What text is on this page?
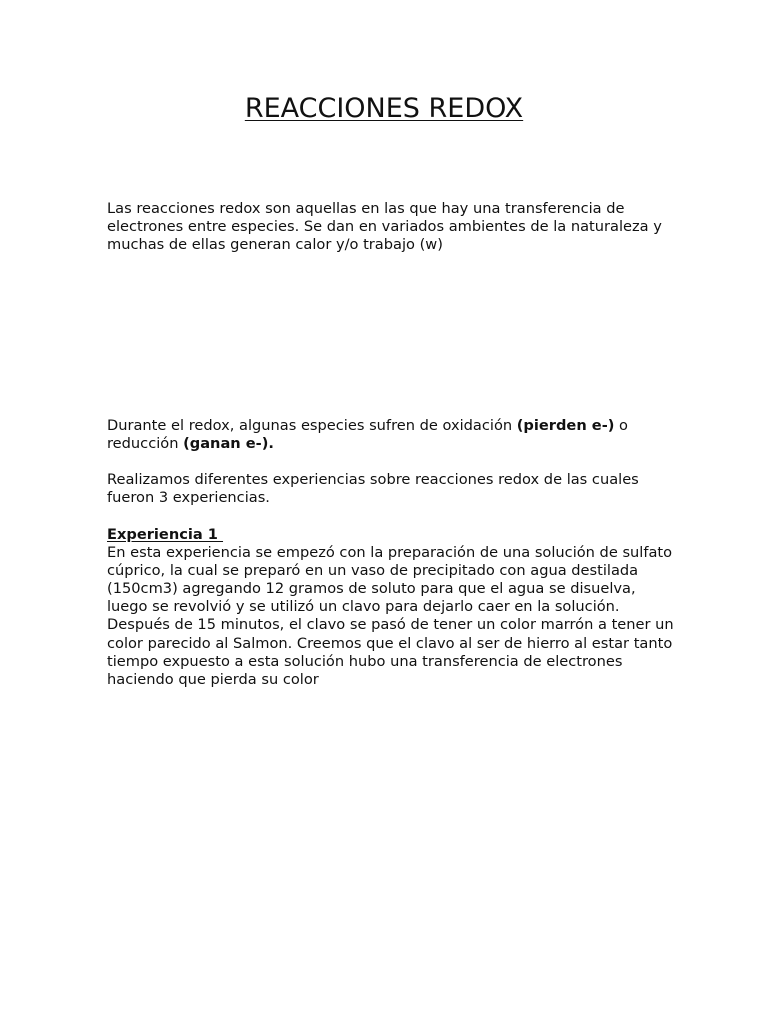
REACCIONES REDOX

Las reacciones redox son aquellas en las que hay una transferencia de electrones entre especies. Se dan en variados ambientes de la naturaleza y muchas de ellas generan calor y/o trabajo (w)

Durante el redox, algunas especies sufren de oxidación (pierden e-) o reducción (ganan e-).

Realizamos diferentes experiencias sobre reacciones redox de las cuales fueron 3 experiencias.

Experiencia 1
En esta experiencia se empezó con la preparación de una solución de sulfato cúprico, la cual se preparó en un vaso de precipitado con agua destilada (150cm3) agregando 12 gramos de soluto para que el agua se disuelva, luego se revolvió y se utilizó un clavo para dejarlo caer en la solución.
Después de 15 minutos, el clavo se pasó de tener un color marrón a tener un color parecido al Salmon. Creemos que el clavo al ser de hierro al estar tanto tiempo expuesto a esta solución hubo una transferencia de electrones haciendo que pierda su color
